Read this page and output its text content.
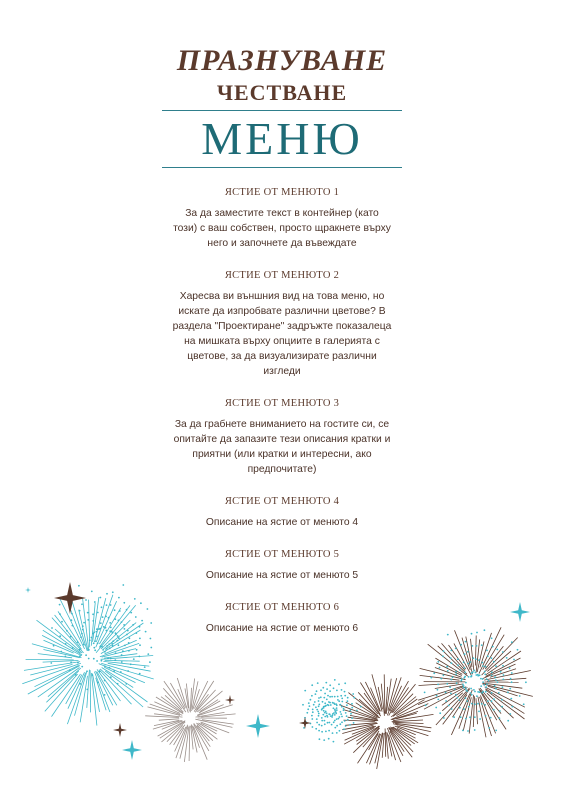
ПРАЗНУВАНЕ
ЧЕСТВАНЕ
МЕНЮ
ЯСТИЕ ОТ МЕНЮТО 1
За да заместите текст в контейнер (като този) с ваш собствен, просто щракнете върху него и започнете да въвеждате
ЯСТИЕ ОТ МЕНЮТО 2
Харесва ви външния вид на това меню, но искате да изпробвате различни цветове? В раздела "Проектиране" задръжте показалеца на мишката върху опциите в галерията с цветове, за да визуализирате различни изгледи
ЯСТИЕ ОТ МЕНЮТО 3
За да грабнете вниманието на гостите си, се опитайте да запазите тези описания кратки и приятни (или кратки и интересни, ако предпочитате)
ЯСТИЕ ОТ МЕНЮТО 4
Описание на ястие от менюто 4
ЯСТИЕ ОТ МЕНЮТО 5
Описание на ястие от менюто 5
ЯСТИЕ ОТ МЕНЮТО 6
Описание на ястие от менюто 6
